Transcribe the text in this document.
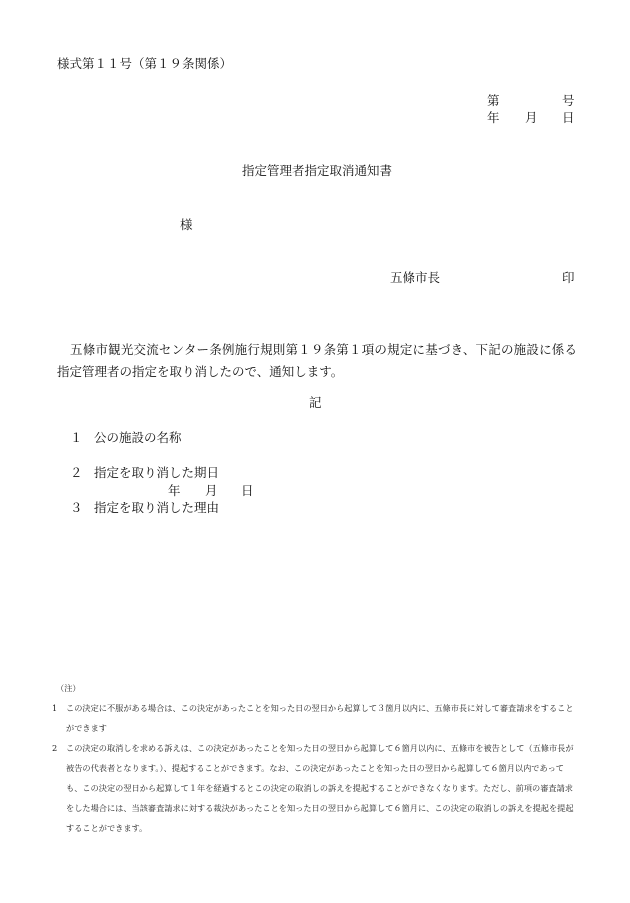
様式第１１号（第１９条関係）
第	号
年 月 日
指定管理者指定取消通知書
様
五條市長	印
五條市観光交流センター条例施行規則第１９条第１項の規定に基づき、下記の施設に係る指定管理者の指定を取り消したので、通知します。
記
１ 公の施設の名称
２ 指定を取り消した期日
年 月 日
３ 指定を取り消した理由
（注）
1 この決定に不服がある場合は、この決定があったことを知った日の翌日から起算して３箇月以内に、五條市長に対して審査請求をすることができます
2 この決定の取消しを求める訴えは、この決定があったことを知った日の翌日から起算して６箇月以内に、五條市を被告として（五條市長が被告の代表者となります。）、提起することができます。なお、この決定があったことを知った日の翌日から起算して６箇月以内であっても、この決定の翌日から起算して１年を経過するとこの決定の取消しの訴えを提起することができなくなります。ただし、前項の審査請求をした場合には、当該審査請求に対する裁決があったことを知った日の翌日から起算して６箇月に、この決定の取消しの訴えを提起を提起することができます。
